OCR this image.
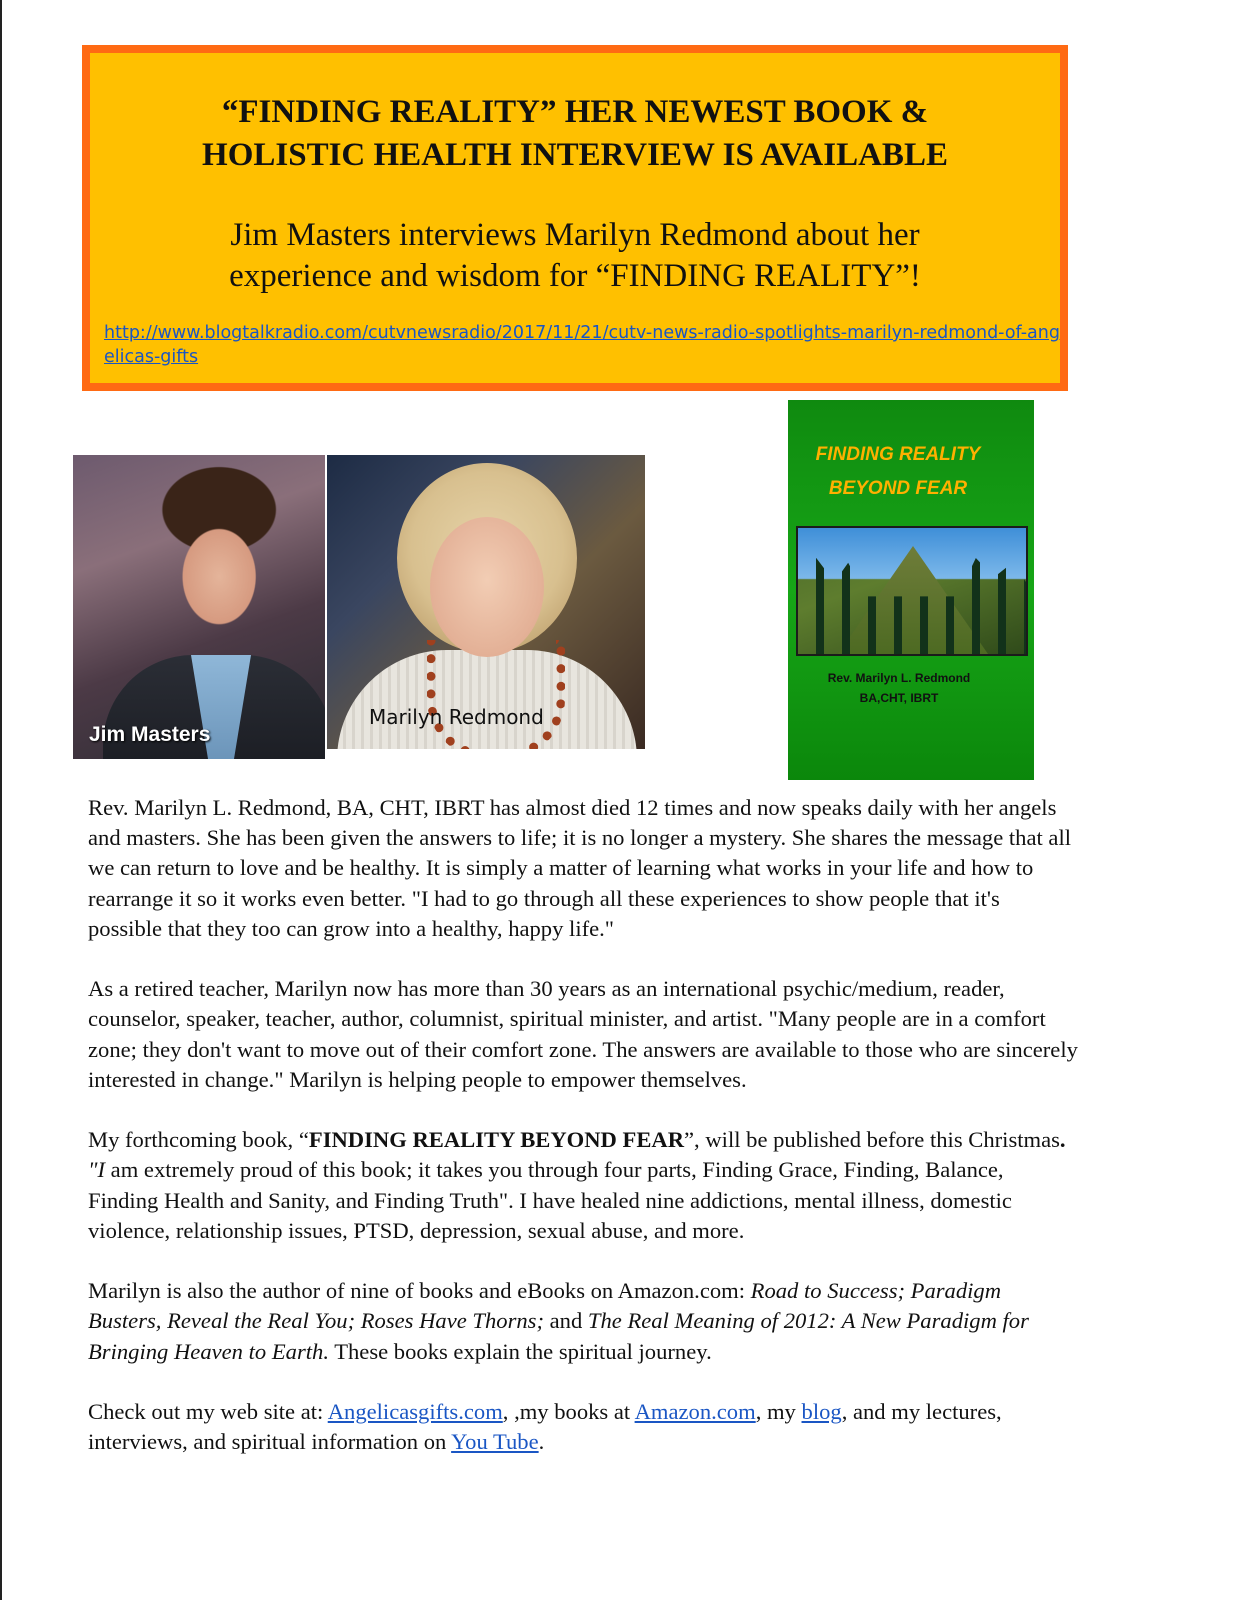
“FINDING REALITY” HER NEWEST BOOK &
HOLISTIC HEALTH INTERVIEW IS AVAILABLE
Jim Masters interviews Marilyn Redmond about her
experience and wisdom for “FINDING REALITY”!
http://www.blogtalkradio.com/cutvnewsradio/2017/11/21/cutv-news-radio-spotlights-marilyn-redmond-of-angelicas-gifts
Jim Masters
Marilyn Redmond
FINDING REALITY
BEYOND FEAR
Rev. Marilyn L. Redmond
BA,CHT, IBRT

Rev. Marilyn L. Redmond, BA, CHT, IBRT has almost died 12 times and now speaks daily with her angels and masters. She has been given the answers to life; it is no longer a mystery. She shares the message that all we can return to love and be healthy. It is simply a matter of learning what works in your life and how to rearrange it so it works even better. "I had to go through all these experiences to show people that it's possible that they too can grow into a healthy, happy life."

As a retired teacher, Marilyn now has more than 30 years as an international psychic/medium, reader, counselor, speaker, teacher, author, columnist, spiritual minister, and artist. "Many people are in a comfort zone; they don't want to move out of their comfort zone. The answers are available to those who are sincerely interested in change." Marilyn is helping people to empower themselves.

My forthcoming book, “FINDING REALITY BEYOND FEAR”, will be published before this Christmas. "I am extremely proud of this book; it takes you through four parts, Finding Grace, Finding, Balance, Finding Health and Sanity, and Finding Truth". I have healed nine addictions, mental illness, domestic violence, relationship issues, PTSD, depression, sexual abuse, and more.

Marilyn is also the author of nine of books and eBooks on Amazon.com: Road to Success; Paradigm Busters, Reveal the Real You; Roses Have Thorns; and The Real Meaning of 2012: A New Paradigm for Bringing Heaven to Earth. These books explain the spiritual journey.

Check out my web site at: Angelicasgifts.com, ,my books at Amazon.com, my blog, and my lectures, interviews, and spiritual information on You Tube.
